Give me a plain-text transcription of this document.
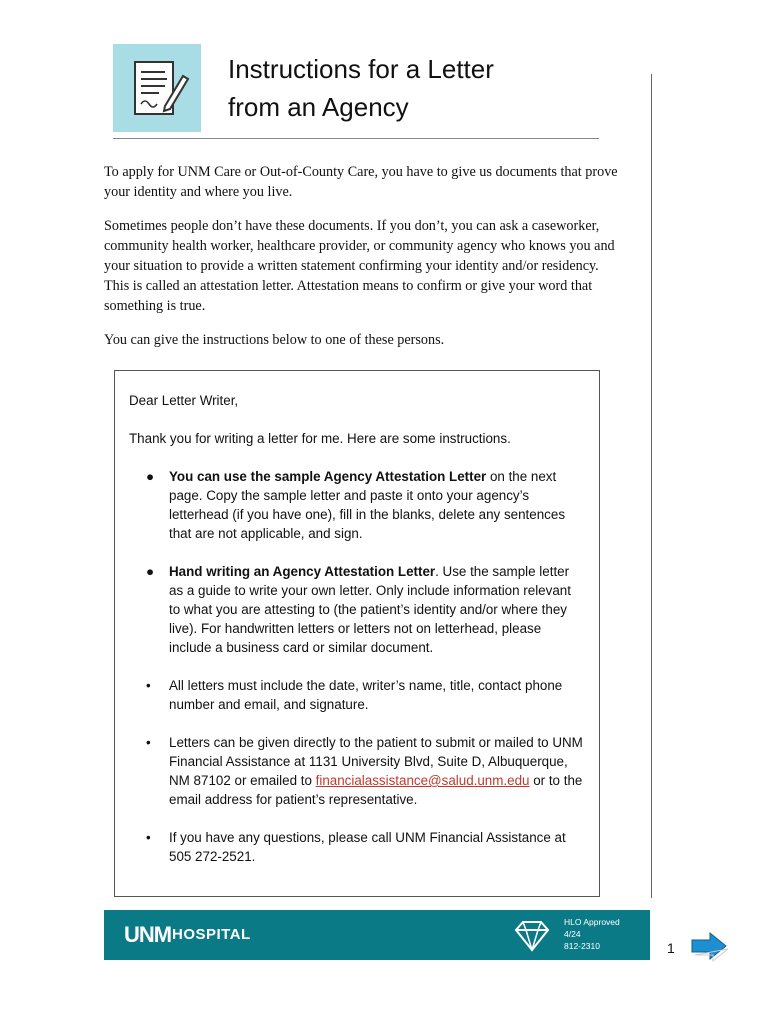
Instructions for a Letter
from an Agency

To apply for UNM Care or Out-of-County Care, you have to give us documents that prove your identity and where you live.

Sometimes people don’t have these documents. If you don’t, you can ask a caseworker, community health worker, healthcare provider, or community agency who knows you and your situation to provide a written statement confirming your identity and/or residency. This is called an attestation letter. Attestation means to confirm or give your word that something is true.

You can give the instructions below to one of these persons.

Dear Letter Writer,

Thank you for writing a letter for me. Here are some instructions.

● You can use the sample Agency Attestation Letter on the next page. Copy the sample letter and paste it onto your agency’s letterhead (if you have one), fill in the blanks, delete any sentences that are not applicable, and sign.
● Hand writing an Agency Attestation Letter. Use the sample letter as a guide to write your own letter. Only include information relevant to what you are attesting to (the patient’s identity and/or where they live). For handwritten letters or letters not on letterhead, please include a business card or similar document.
• All letters must include the date, writer’s name, title, contact phone number and email, and signature.
• Letters can be given directly to the patient to submit or mailed to UNM Financial Assistance at 1131 University Blvd, Suite D, Albuquerque, NM 87102 or emailed to financialassistance@salud.unm.edu or to the email address for patient’s representative.
• If you have any questions, please call UNM Financial Assistance at 505 272-2521.
UNM HOSPITAL
HLO Approved
4/24
812-2310	1
